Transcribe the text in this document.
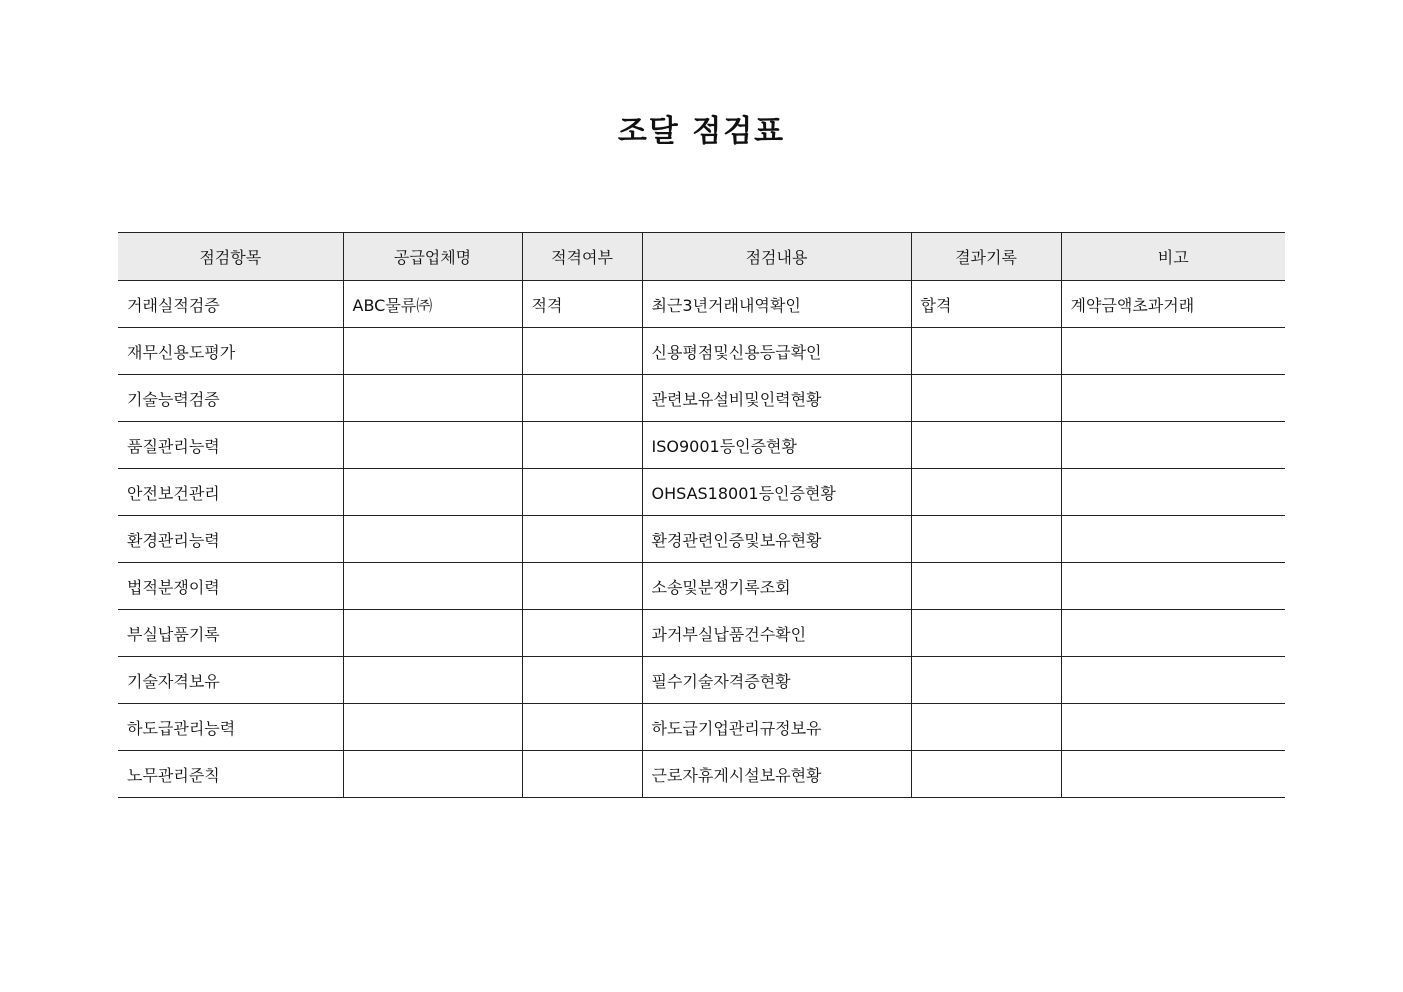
조달 점검표
점검항목	공급업체명	적격여부	점검내용	결과기록	비고
거래실적검증	ABC물류㈜	적격	최근3년거래내역확인	합격	계약금액초과거래
재무신용도평가			신용평점및신용등급확인		
기술능력검증			관련보유설비및인력현황		
품질관리능력			ISO9001등인증현황		
안전보건관리			OHSAS18001등인증현황		
환경관리능력			환경관련인증및보유현황		
법적분쟁이력			소송및분쟁기록조회		
부실납품기록			과거부실납품건수확인		
기술자격보유			필수기술자격증현황		
하도급관리능력			하도급기업관리규정보유		
노무관리준칙			근로자휴게시설보유현황		
